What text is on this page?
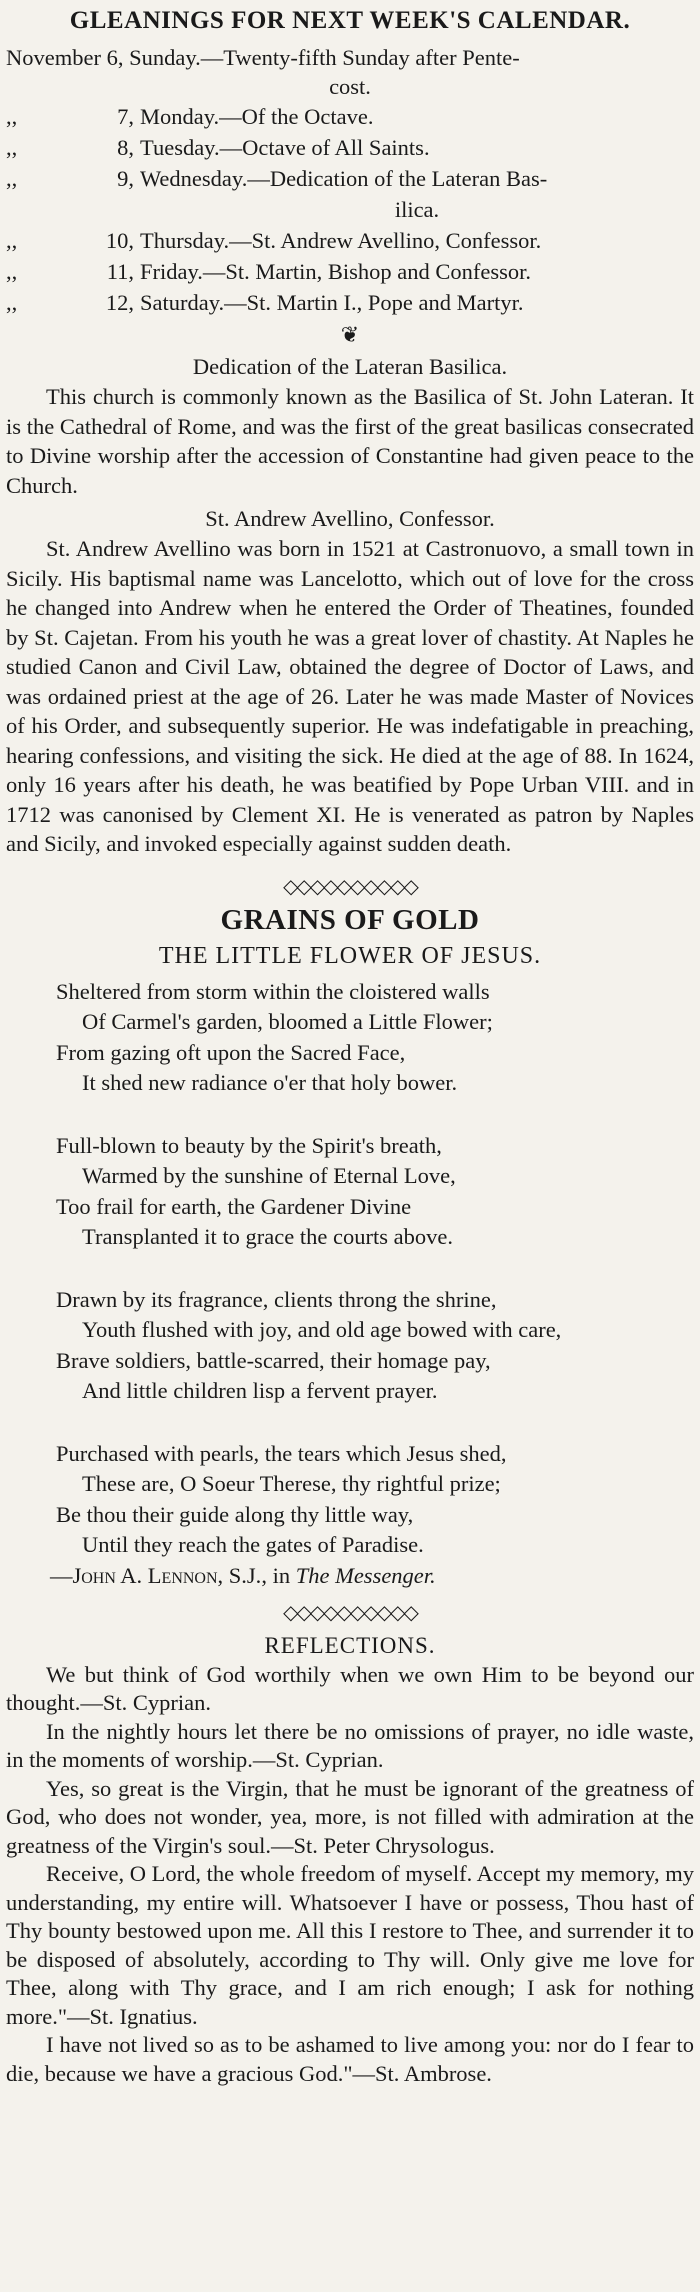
GLEANINGS FOR NEXT WEEK'S CALENDAR.
November 6, Sunday.—Twenty-fifth Sunday after Pente-
cost.
,,	7, Monday.—Of the Octave.
,,	8, Tuesday.—Octave of All Saints.
,,	9, Wednesday.—Dedication of the Lateran Bas-
ilica.
,,	10, Thursday.—St. Andrew Avellino, Confessor.
,,	11, Friday.—St. Martin, Bishop and Confessor.
,,	12, Saturday.—St. Martin I., Pope and Martyr.
❦
Dedication of the Lateran Basilica.

This church is commonly known as the Basilica of St. John Lateran. It is the Cathedral of Rome, and was the first of the great basilicas consecrated to Divine worship after the accession of Constantine had given peace to the Church.

St. Andrew Avellino, Confessor.

St. Andrew Avellino was born in 1521 at Castronuovo, a small town in Sicily. His baptismal name was Lancelotto, which out of love for the cross he changed into Andrew when he entered the Order of Theatines, founded by St. Cajetan. From his youth he was a great lover of chastity. At Naples he studied Canon and Civil Law, obtained the degree of Doctor of Laws, and was ordained priest at the age of 26. Later he was made Master of Novices of his Order, and subsequently superior. He was indefatigable in preaching, hearing confessions, and visiting the sick. He died at the age of 88. In 1624, only 16 years after his death, he was beatified by Pope Urban VIII. and in 1712 was canonised by Clement XI. He is venerated as patron by Naples and Sicily, and invoked especially against sudden death.

◇◇◇◇◇◇◇◇◇◇
GRAINS OF GOLD
THE LITTLE FLOWER OF JESUS.
Sheltered from storm within the cloistered walls
Of Carmel's garden, bloomed a Little Flower;
From gazing oft upon the Sacred Face,
It shed new radiance o'er that holy bower.
Full-blown to beauty by the Spirit's breath,
Warmed by the sunshine of Eternal Love,
Too frail for earth, the Gardener Divine
Transplanted it to grace the courts above.
Drawn by its fragrance, clients throng the shrine,
Youth flushed with joy, and old age bowed with care,
Brave soldiers, battle-scarred, their homage pay,
And little children lisp a fervent prayer.
Purchased with pearls, the tears which Jesus shed,
These are, O Soeur Therese, thy rightful prize;
Be thou their guide along thy little way,
Until they reach the gates of Paradise.
—John A. Lennon, S.J., in The Messenger.
◇◇◇◇◇◇◇◇◇◇
REFLECTIONS.

We but think of God worthily when we own Him to be beyond our thought.—St. Cyprian.

In the nightly hours let there be no omissions of prayer, no idle waste, in the moments of worship.—St. Cyprian.

Yes, so great is the Virgin, that he must be ignorant of the greatness of God, who does not wonder, yea, more, is not filled with admiration at the greatness of the Virgin's soul.—St. Peter Chrysologus.

Receive, O Lord, the whole freedom of myself. Accept my memory, my understanding, my entire will. Whatsoever I have or possess, Thou hast of Thy bounty bestowed upon me. All this I restore to Thee, and surrender it to be disposed of absolutely, according to Thy will. Only give me love for Thee, along with Thy grace, and I am rich enough; I ask for nothing more."—St. Ignatius.

I have not lived so as to be ashamed to live among you: nor do I fear to die, because we have a gracious God."—St. Ambrose.
